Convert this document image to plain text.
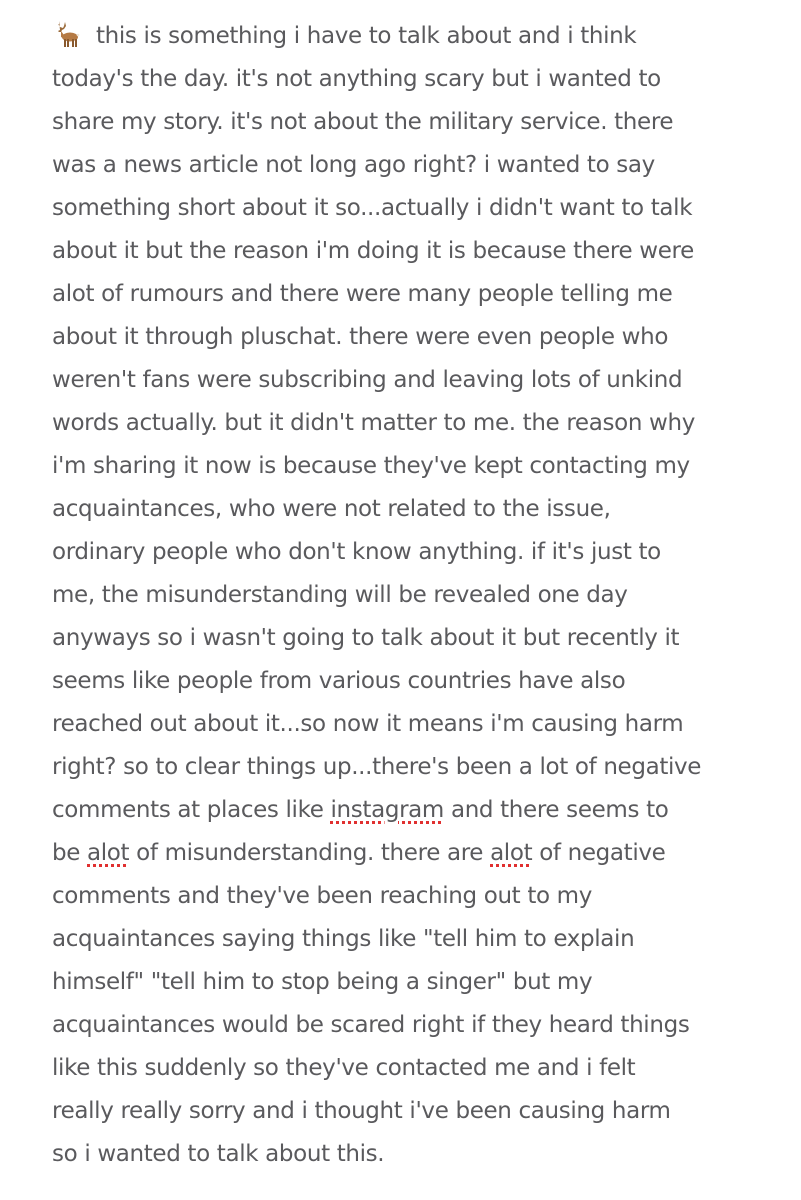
this is something i have to talk about and i think
today's the day. it's not anything scary but i wanted to
share my story. it's not about the military service. there
was a news article not long ago right? i wanted to say
something short about it so...actually i didn't want to talk
about it but the reason i'm doing it is because there were
alot of rumours and there were many people telling me
about it through pluschat. there were even people who
weren't fans were subscribing and leaving lots of unkind
words actually. but it didn't matter to me. the reason why
i'm sharing it now is because they've kept contacting my
acquaintances, who were not related to the issue,
ordinary people who don't know anything. if it's just to
me, the misunderstanding will be revealed one day
anyways so i wasn't going to talk about it but recently it
seems like people from various countries have also
reached out about it...so now it means i'm causing harm
right? so to clear things up...there's been a lot of negative
comments at places like instagram and there seems to
be alot of misunderstanding. there are alot of negative
comments and they've been reaching out to my
acquaintances saying things like "tell him to explain
himself" "tell him to stop being a singer" but my
acquaintances would be scared right if they heard things
like this suddenly so they've contacted me and i felt
really really sorry and i thought i've been causing harm
so i wanted to talk about this.
